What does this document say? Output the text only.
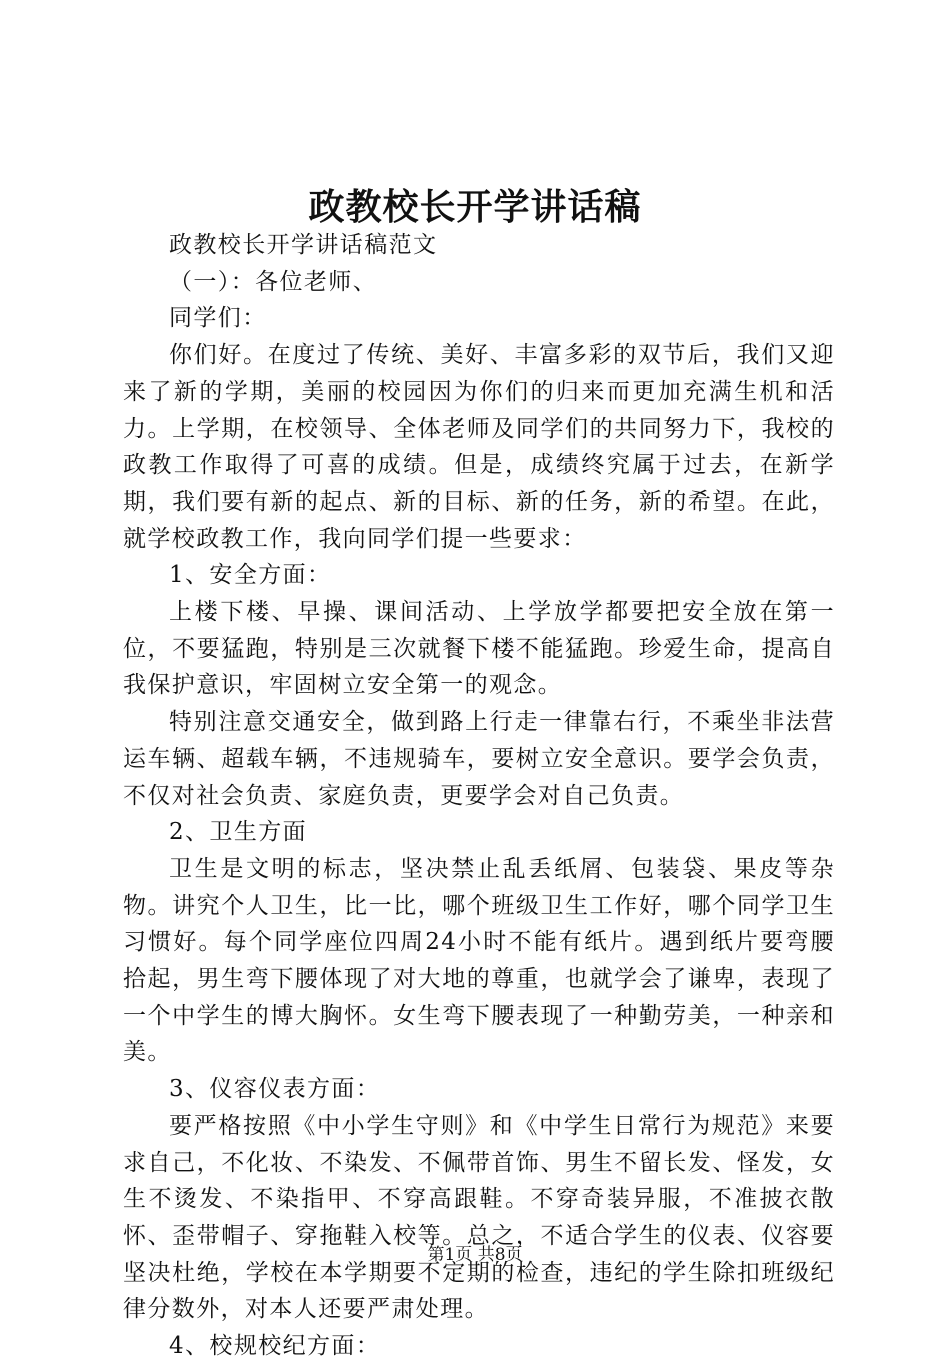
政教校长开学讲话稿

政教校长开学讲话稿范文

（一）：各位老师、

同学们：

你们好。在度过了传统、美好、丰富多彩的双节后，我们又迎来了新的学期，美丽的校园因为你们的归来而更加充满生机和活力。上学期，在校领导、全体老师及同学们的共同努力下，我校的政教工作取得了可喜的成绩。但是，成绩终究属于过去，在新学期，我们要有新的起点、新的目标、新的任务，新的希望。在此，就学校政教工作，我向同学们提一些要求：

1、安全方面：

上楼下楼、早操、课间活动、上学放学都要把安全放在第一位，不要猛跑，特别是三次就餐下楼不能猛跑。珍爱生命，提高自我保护意识，牢固树立安全第一的观念。

特别注意交通安全，做到路上行走一律靠右行，不乘坐非法营运车辆、超载车辆，不违规骑车，要树立安全意识。要学会负责，不仅对社会负责、家庭负责，更要学会对自己负责。

2、卫生方面

卫生是文明的标志，坚决禁止乱丢纸屑、包装袋、果皮等杂物。讲究个人卫生，比一比，哪个班级卫生工作好，哪个同学卫生习惯好。每个同学座位四周24小时不能有纸片。遇到纸片要弯腰拾起，男生弯下腰体现了对大地的尊重，也就学会了谦卑，表现了一个中学生的博大胸怀。女生弯下腰表现了一种勤劳美，一种亲和美。

3、仪容仪表方面：

要严格按照《中小学生守则》和《中学生日常行为规范》来要求自己，不化妆、不染发、不佩带首饰、男生不留长发、怪发，女生不烫发、不染指甲、不穿高跟鞋。不穿奇装异服，不准披衣散怀、歪带帽子、穿拖鞋入校等。总之，不适合学生的仪表、仪容要坚决杜绝，学校在本学期要不定期的检查，违纪的学生除扣班级纪律分数外，对本人还要严肃处理。

4、校规校纪方面：

第1页 共8页
